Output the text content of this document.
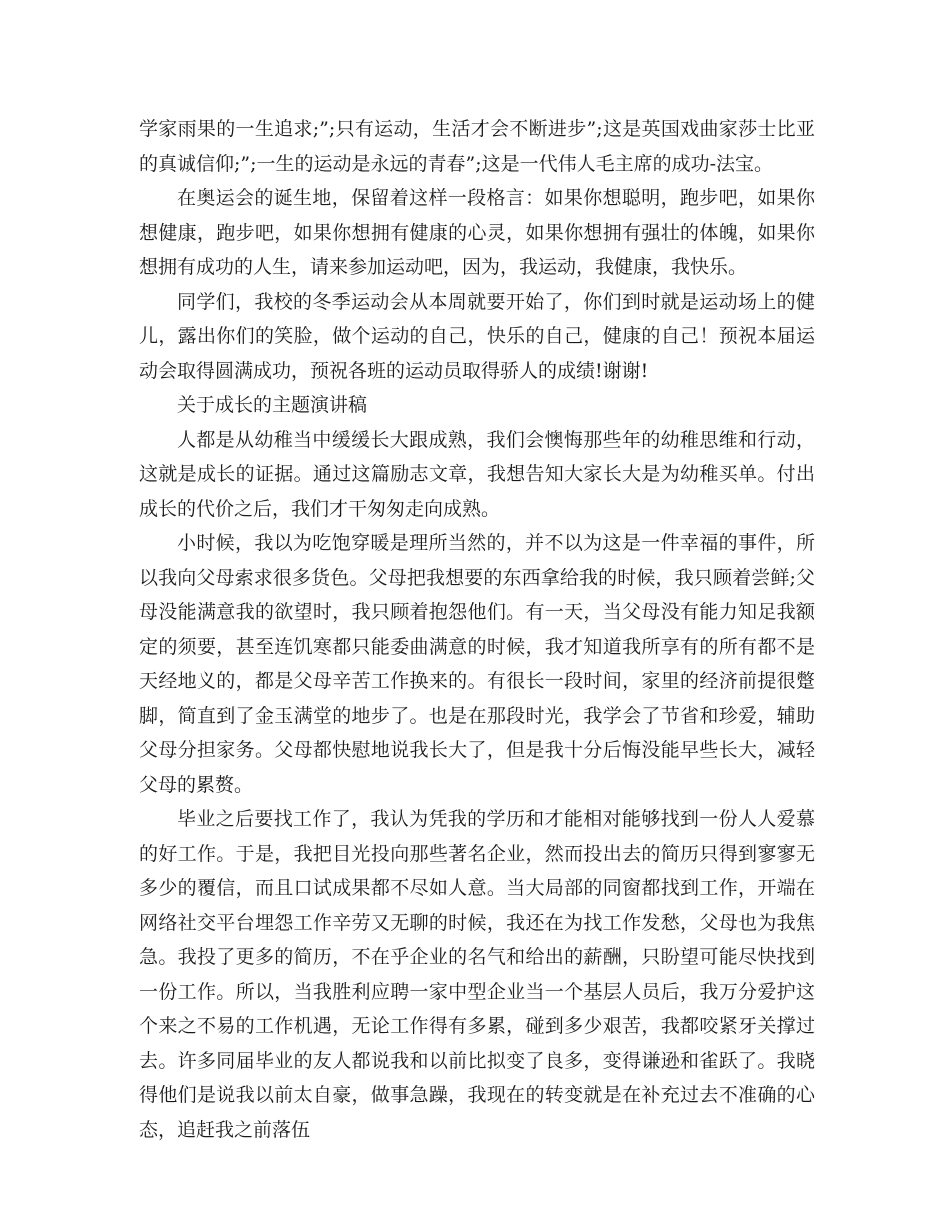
学家雨果的一生追求;”;只有运动，生活才会不断进步”;这是英国戏曲家莎士比亚的真诚信仰;”;一生的运动是永远的青春”;这是一代伟人毛主席的成功-法宝。

在奥运会的诞生地，保留着这样一段格言：如果你想聪明，跑步吧，如果你想健康，跑步吧，如果你想拥有健康的心灵，如果你想拥有强壮的体魄，如果你想拥有成功的人生，请来参加运动吧，因为，我运动，我健康，我快乐。

同学们，我校的冬季运动会从本周就要开始了，你们到时就是运动场上的健儿，露出你们的笑脸，做个运动的自己，快乐的自己，健康的自己！预祝本届运动会取得圆满成功，预祝各班的运动员取得骄人的成绩!谢谢!

关于成长的主题演讲稿

人都是从幼稚当中缓缓长大跟成熟，我们会懊悔那些年的幼稚思维和行动，这就是成长的证据。通过这篇励志文章，我想告知大家长大是为幼稚买单。付出成长的代价之后，我们才干匆匆走向成熟。

小时候，我以为吃饱穿暖是理所当然的，并不以为这是一件幸福的事件，所以我向父母索求很多货色。父母把我想要的东西拿给我的时候，我只顾着尝鲜;父母没能满意我的欲望时，我只顾着抱怨他们。有一天，当父母没有能力知足我额定的须要，甚至连饥寒都只能委曲满意的时候，我才知道我所享有的所有都不是天经地义的，都是父母辛苦工作换来的。有很长一段时间，家里的经济前提很蹩脚，简直到了金玉满堂的地步了。也是在那段时光，我学会了节省和珍爱，辅助父母分担家务。父母都快慰地说我长大了，但是我十分后悔没能早些长大，减轻父母的累赘。

毕业之后要找工作了，我认为凭我的学历和才能相对能够找到一份人人爱慕的好工作。于是，我把目光投向那些著名企业，然而投出去的简历只得到寥寥无多少的覆信，而且口试成果都不尽如人意。当大局部的同窗都找到工作，开端在网络社交平台埋怨工作辛劳又无聊的时候，我还在为找工作发愁，父母也为我焦急。我投了更多的简历，不在乎企业的名气和给出的薪酬，只盼望可能尽快找到一份工作。所以，当我胜利应聘一家中型企业当一个基层人员后，我万分爱护这个来之不易的工作机遇，无论工作得有多累，碰到多少艰苦，我都咬紧牙关撑过去。许多同届毕业的友人都说我和以前比拟变了良多，变得谦逊和雀跃了。我晓得他们是说我以前太自豪，做事急躁，我现在的转变就是在补充过去不准确的心态，追赶我之前落伍
